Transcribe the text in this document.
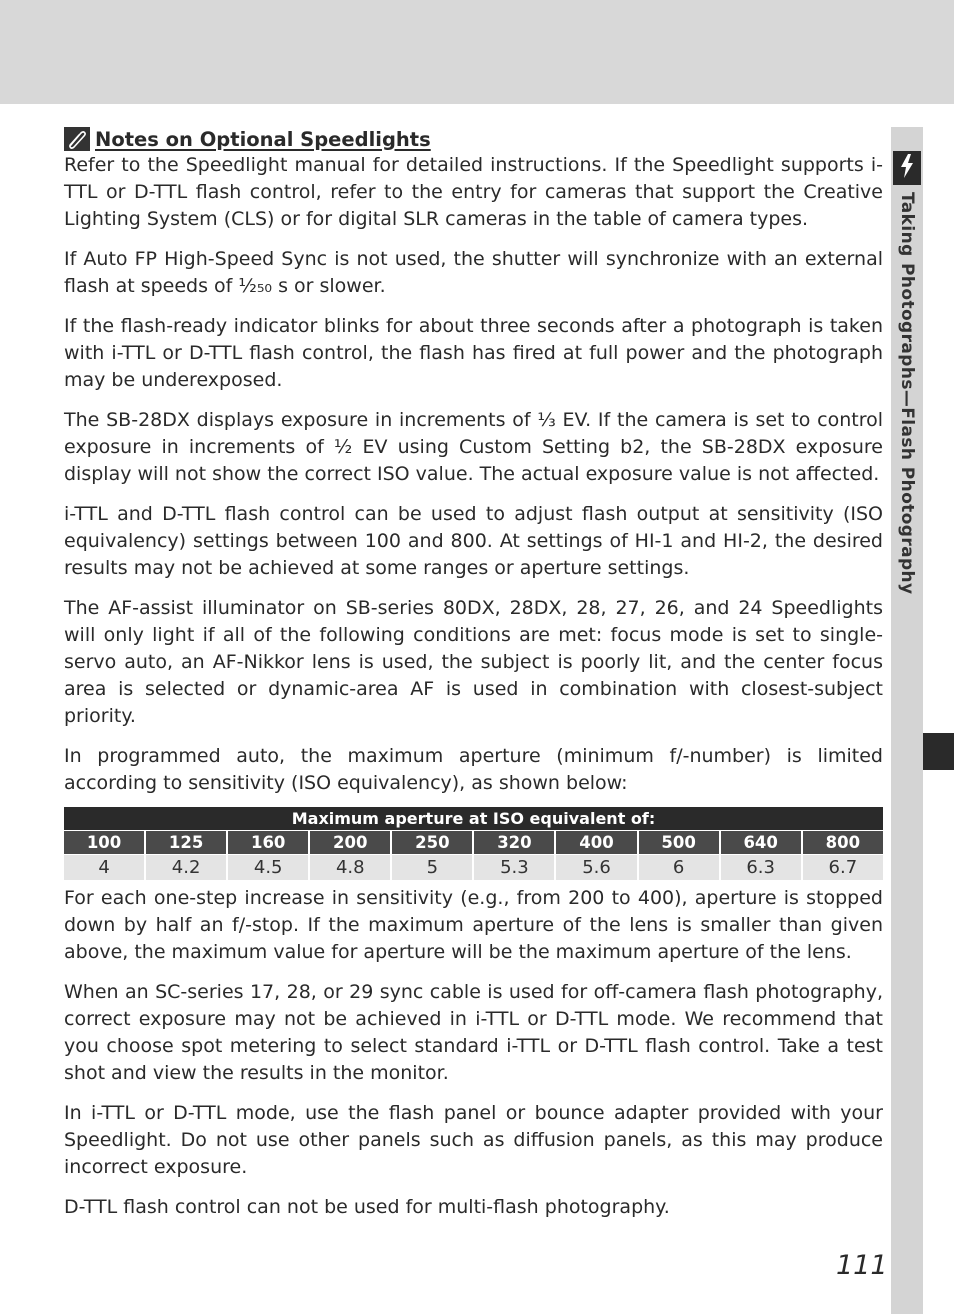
Taking Photographs—Flash Photography
Notes on Optional Speedlights

Refer to the Speedlight manual for detailed instructions. If the Speedlight supports i-TTL or D-TTL flash control, refer to the entry for cameras that support the Creative Lighting System (CLS) or for digital SLR cameras in the table of camera types.

If Auto FP High-Speed Sync is not used, the shutter will synchronize with an external flash at speeds of ¹⁄₂₅₀ s or slower.

If the flash-ready indicator blinks for about three seconds after a photograph is taken with i-TTL or D-TTL flash control, the flash has fired at full power and the photograph may be underexposed.

The SB-28DX displays exposure in increments of ⅓ EV. If the camera is set to control exposure in increments of ½ EV using Custom Setting b2, the SB-28DX exposure display will not show the correct ISO value. The actual exposure value is not affected.

i-TTL and D-TTL flash control can be used to adjust flash output at sensitivity (ISO equivalency) settings between 100 and 800. At settings of HI-1 and HI-2, the desired results may not be achieved at some ranges or aperture settings.

The AF-assist illuminator on SB-series 80DX, 28DX, 28, 27, 26, and 24 Speedlights will only light if all of the following conditions are met: focus mode is set to single-servo auto, an AF-Nikkor lens is used, the subject is poorly lit, and the center focus area is selected or dynamic-area AF is used in combination with closest-subject priority.

In programmed auto, the maximum aperture (minimum f/-number) is limited according to sensitivity (ISO equivalency), as shown below:

Maximum aperture at ISO equivalent of:									
100	125	160	200	250	320	400	500	640	800
4	4.2	4.5	4.8	5	5.3	5.6	6	6.3	6.7

For each one-step increase in sensitivity (e.g., from 200 to 400), aperture is stopped down by half an f/-stop. If the maximum aperture of the lens is smaller than given above, the maximum value for aperture will be the maximum aperture of the lens.

When an SC-series 17, 28, or 29 sync cable is used for off-camera flash photography, correct exposure may not be achieved in i-TTL or D-TTL mode. We recommend that you choose spot metering to select standard i-TTL or D-TTL flash control. Take a test shot and view the results in the monitor.

In i-TTL or D-TTL mode, use the flash panel or bounce adapter provided with your Speedlight. Do not use other panels such as diffusion panels, as this may produce incorrect exposure.

D-TTL flash control can not be used for multi-flash photography.

111
